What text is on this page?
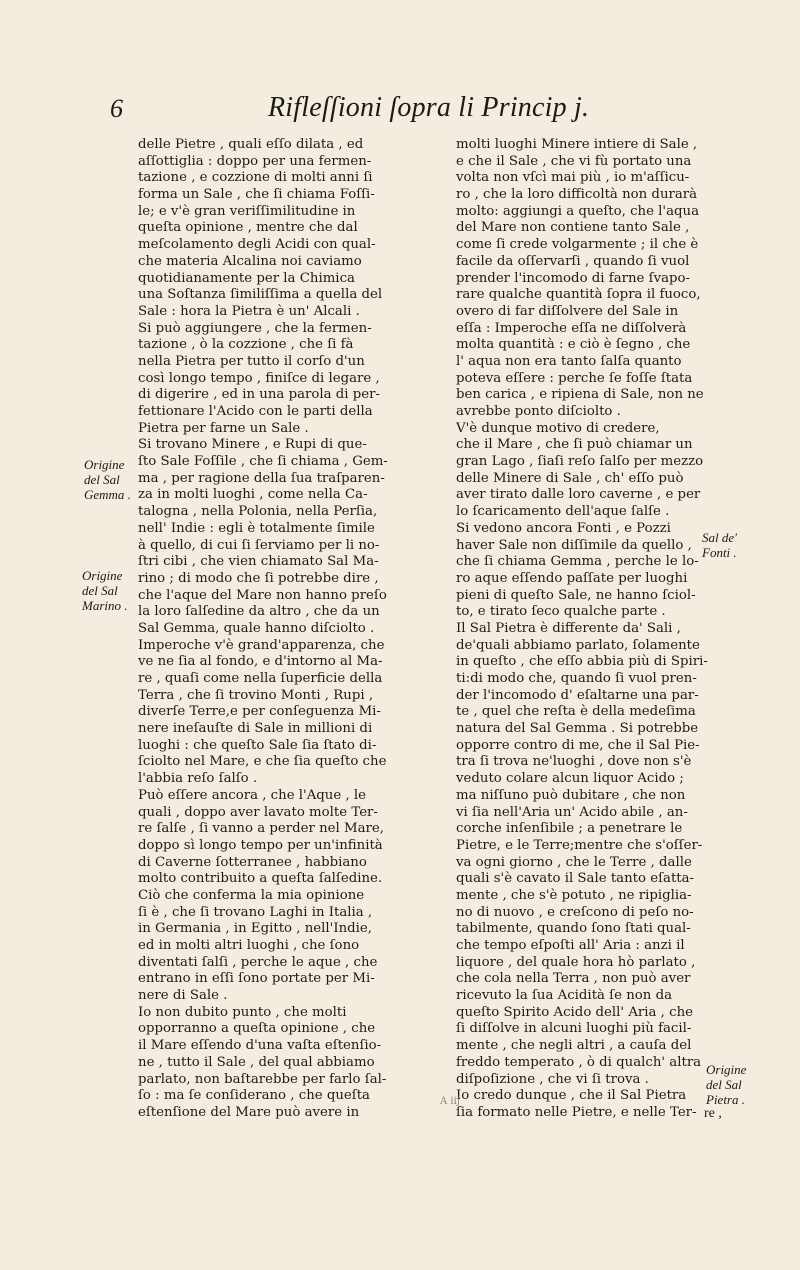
6	Rifleſſioni ſopra li Princip j.
delle Pietre , quali eſſo dilata , ed
aſſottiglia : doppo per una fermen-
tazione , e cozzione di molti anni ſi
forma un Sale , che ſi chiama Foſſi-
le; e v'è gran veriſſimilitudine in
queſta opinione , mentre che dal
meſcolamento degli Acidi con qual-
che materia Alcalina noi caviamo
quotidianamente per la Chimica
una Soſtanza ſimiliſſima a quella del
Sale : hora la Pietra è un' Alcali .
Si può aggiungere , che la fermen-
tazione , ò la cozzione , che ſi fà
nella Pietra per tutto il corſo d'un
così longo tempo , finiſce di legare ,
di digerire , ed in una parola di per-
fettionare l'Acido con le parti della
Pietra per farne un Sale .
Si trovano Minere , e Rupi di que-
ſto Sale Foſſile , che ſi chiama , Gem-
ma , per ragione della ſua traſparen-
za in molti luoghi , come nella Ca-
talogna , nella Polonia, nella Perſia,
nell' Indie : egli è totalmente ſimile
à quello, di cui ſi ſerviamo per li no-
ſtri cibi , che vien chiamato Sal Ma-
rino ; di modo che ſi potrebbe dire ,
che l'aque del Mare non hanno preſo
la loro ſalſedine da altro , che da un
Sal Gemma, quale hanno diſciolto .
Imperoche v'è grand'apparenza, che
ve ne ſia al fondo, e d'intorno al Ma-
re , quaſi come nella ſuperficie della
Terra , che ſi trovino Monti , Rupi ,
diverſe Terre,e per conſeguenza Mi-
nere ineſauſte di Sale in millioni di
luoghi : che queſto Sale ſia ſtato di-
ſciolto nel Mare, e che ſia queſto che
l'abbia reſo ſalſo .
Può eſſere ancora , che l'Aque , le
quali , doppo aver lavato molte Ter-
re ſalſe , ſi vanno a perder nel Mare,
doppo sì longo tempo per un'infinità
di Caverne ſotterranee , habbiano
molto contribuito a queſta ſalſedine.
Ciò che conferma la mia opinione
ſi è , che ſi trovano Laghi in Italia ,
in Germania , in Egitto , nell'Indie,
ed in molti altri luoghi , che ſono
diventati ſalſi , perche le aque , che
entrano in eſſi ſono portate per Mi-
nere di Sale .
Io non dubito punto , che molti
opporranno a queſta opinione , che
il Mare eſſendo d'una vaſta eſtenſio-
ne , tutto il Sale , del qual abbiamo
parlato, non baſtarebbe per farlo ſal-
ſo : ma ſe conſiderano , che queſta
eſtenſione del Mare può avere in
molti luoghi Minere intiere di Sale ,
e che il Sale , che vi fù portato una
volta non vſcì mai più , io m'aſſicu-
ro , che la loro difficoltà non durarà
molto: aggiungi a queſto, che l'aqua
del Mare non contiene tanto Sale ,
come ſi crede volgarmente ; il che è
facile da oſſervarſi , quando ſi vuol
prender l'incomodo di farne ſvapo-
rare qualche quantità ſopra il fuoco,
overo di far diſſolvere del Sale in
eſſa : Imperoche eſſa ne diſſolverà
molta quantità : e ciò è ſegno , che
l' aqua non era tanto ſalſa quanto
poteva eſſere : perche ſe foſſe ſtata
ben carica , e ripiena di Sale, non ne
avrebbe ponto diſciolto .
V'è dunque motivo di credere,
che il Mare , che ſi può chiamar un
gran Lago , ſiaſi reſo ſalſo per mezzo
delle Minere di Sale , ch' eſſo può
aver tirato dalle loro caverne , e per
lo ſcaricamento dell'aque ſalſe .
Si vedono ancora Fonti , e Pozzi
haver Sale non diſſimile da quello ,
che ſi chiama Gemma , perche le lo-
ro aque eſſendo paſſate per luoghi
pieni di queſto Sale, ne hanno ſciol-
to, e tirato ſeco qualche parte .
Il Sal Pietra è differente da' Sali ,
de'quali abbiamo parlato, ſolamente
in queſto , che eſſo abbia più di Spiri-
ti:di modo che, quando ſi vuol pren-
der l'incomodo d' eſaltarne una par-
te , quel che reſta è della medeſima
natura del Sal Gemma . Si potrebbe
opporre contro di me, che il Sal Pie-
tra ſi trova ne'luoghi , dove non s'è
veduto colare alcun liquor Acido ;
ma niſſuno può dubitare , che non
vi ſia nell'Aria un' Acido abile , an-
corche inſenſibile ; a penetrare le
Pietre, e le Terre;mentre che s'oſſer-
va ogni giorno , che le Terre , dalle
quali s'è cavato il Sale tanto eſatta-
mente , che s'è potuto , ne ripiglia-
no di nuovo , e creſcono di peſo no-
tabilmente, quando ſono ſtati qual-
che tempo eſpoſti all' Aria : anzi il
liquore , del quale hora hò parlato ,
che cola nella Terra , non può aver
ricevuto la ſua Acidità ſe non da
queſto Spirito Acido dell' Aria , che
ſi diſſolve in alcuni luoghi più facil-
mente , che negli altri , a cauſa del
freddo temperato , ò di qualch' altra
diſpoſizione , che vi ſi trova .
Io credo dunque , che il Sal Pietra
ſia formato nelle Pietre, e nelle Ter-
Origine
del Sal
Gemma .
Origine
del Sal
Marino .
Sal de'
Fonti .
Origine
del Sal
Pietra .
A iij
re ,
